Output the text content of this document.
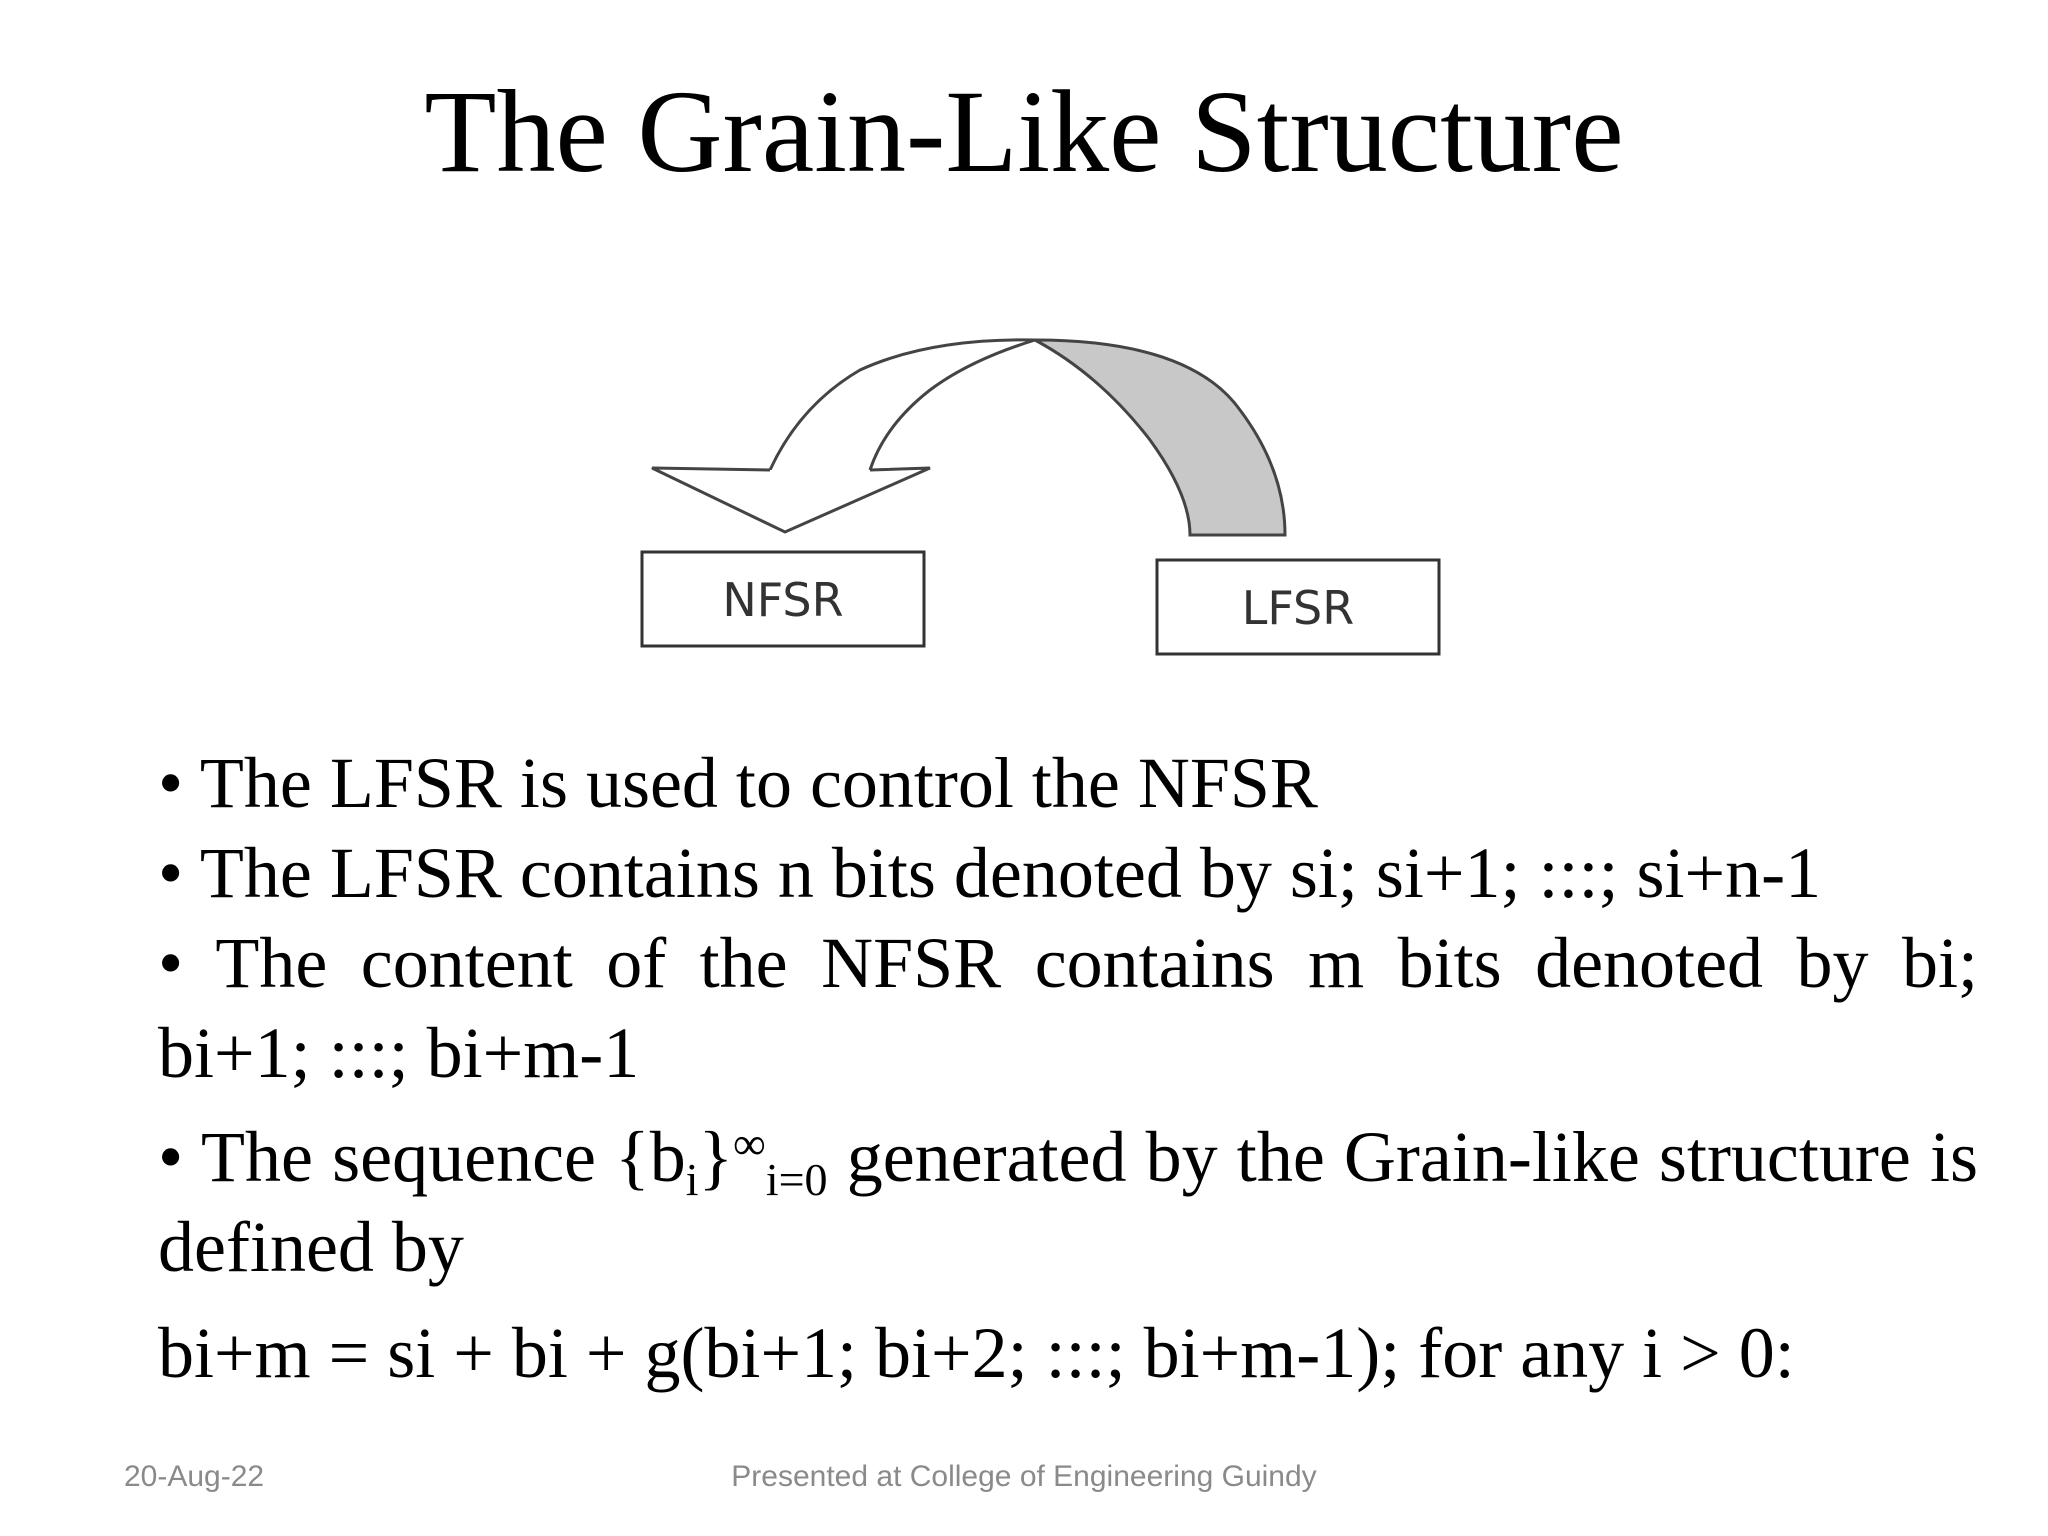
The Grain-Like Structure
NFSR	LFSR

• The LFSR is used to control the NFSR

• The LFSR contains n bits denoted by si; si+1; :::; si+n-1

• The content of the NFSR contains m bits denoted by bi; bi+1; :::; bi+m-1

• The sequence $\{b_i\}^\infty_{i=0}$ generated by the Grain-like structure is defined by

bi+m = si + bi + g(bi+1; bi+2; :::; bi+m-1); for any i > 0:

20-Aug-22	Presented at College of Engineering Guindy
